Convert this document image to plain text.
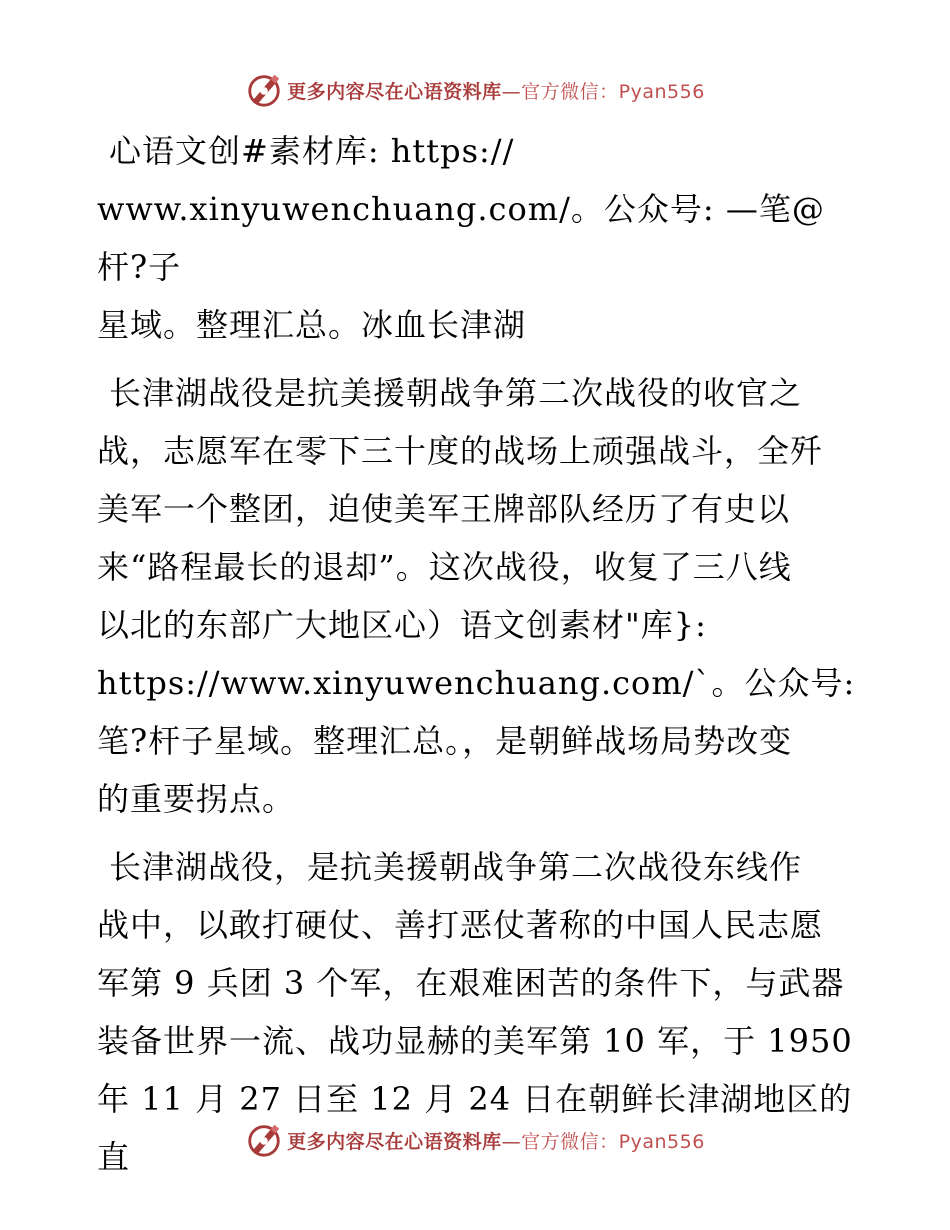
更多内容尽在心语资料库—官方微信：Pyan556

心语文创#素材库: https://
www.xinyuwenchuang.com/。公众号: —笔@杆?子
星域。整理汇总。冰血长津湖

长津湖战役是抗美援朝战争第二次战役的收官之
战，志愿军在零下三十度的战场上顽强战斗，全歼
美军一个整团，迫使美军王牌部队经历了有史以
来“路程最长的退却”。这次战役，收复了三八线
以北的东部广大地区心）语文创素材"库}:
https://www.xinyuwenchuang.com/`。公众号:
笔?杆子星域。整理汇总。，是朝鲜战场局势改变
的重要拐点。

长津湖战役，是抗美援朝战争第二次战役东线作
战中，以敢打硬仗、善打恶仗著称的中国人民志愿
军第 9 兵团 3 个军，在艰难困苦的条件下，与武器
装备世界一流、战功显赫的美军第 10 军，于 1950
年 11 月 27 日至 12 月 24 日在朝鲜长津湖地区的直	更多内容尽在心语资料库—官方微信：Pyan556
